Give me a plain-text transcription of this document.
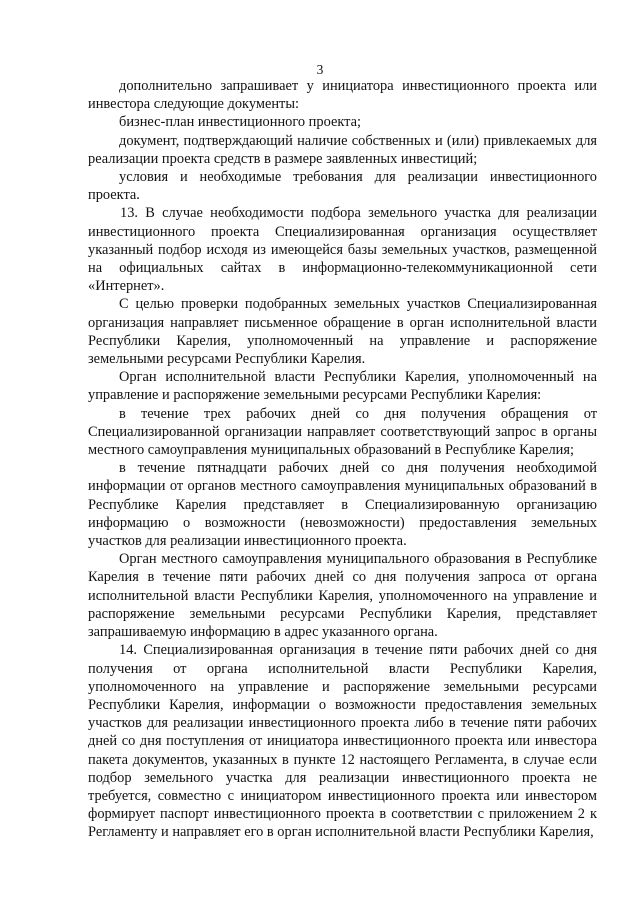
3

дополнительно запрашивает у инициатора инвестиционного проекта или инвестора следующие документы:

бизнес-план инвестиционного проекта;

документ, подтверждающий наличие собственных и (или) привлекаемых для реализации проекта средств в размере заявленных инвестиций;

условия и необходимые требования для реализации инвестиционного проекта.

13. В случае необходимости подбора земельного участка для реализации инвестиционного проекта Специализированная организация осуществляет указанный подбор исходя из имеющейся базы земельных участков, размещенной на официальных сайтах в информационно-телекоммуникационной сети «Интернет».

С целью проверки подобранных земельных участков Специализированная организация направляет письменное обращение в орган исполнительной власти Республики Карелия, уполномоченный на управление и распоряжение земельными ресурсами Республики Карелия.

Орган исполнительной власти Республики Карелия, уполномоченный на управление и распоряжение земельными ресурсами Республики Карелия:

в течение трех рабочих дней со дня получения обращения от Специализированной организации направляет соответствующий запрос в органы местного самоуправления муниципальных образований в Республике Карелия;

в течение пятнадцати рабочих дней со дня получения необходимой информации от органов местного самоуправления муниципальных образований в Республике Карелия представляет в Специализированную организацию информацию о возможности (невозможности) предоставления земельных участков для реализации инвестиционного проекта.

Орган местного самоуправления муниципального образования в Республике Карелия в течение пяти рабочих дней со дня получения запроса от органа исполнительной власти Республики Карелия, уполномоченного на управление и распоряжение земельными ресурсами Республики Карелия, представляет запрашиваемую информацию в адрес указанного органа.

14. Специализированная организация в течение пяти рабочих дней со дня получения от органа исполнительной власти Республики Карелия, уполномоченного на управление и распоряжение земельными ресурсами Республики Карелия, информации о возможности предоставления земельных участков для реализации инвестиционного проекта либо в течение пяти рабочих дней со дня поступления от инициатора инвестиционного проекта или инвестора пакета документов, указанных в пункте 12 настоящего Регламента, в случае если подбор земельного участка для реализации инвестиционного проекта не требуется, совместно с инициатором инвестиционного проекта или инвестором формирует паспорт инвестиционного проекта в соответствии с приложением 2 к Регламенту и направляет его в орган исполнительной власти Республики Карелия,
